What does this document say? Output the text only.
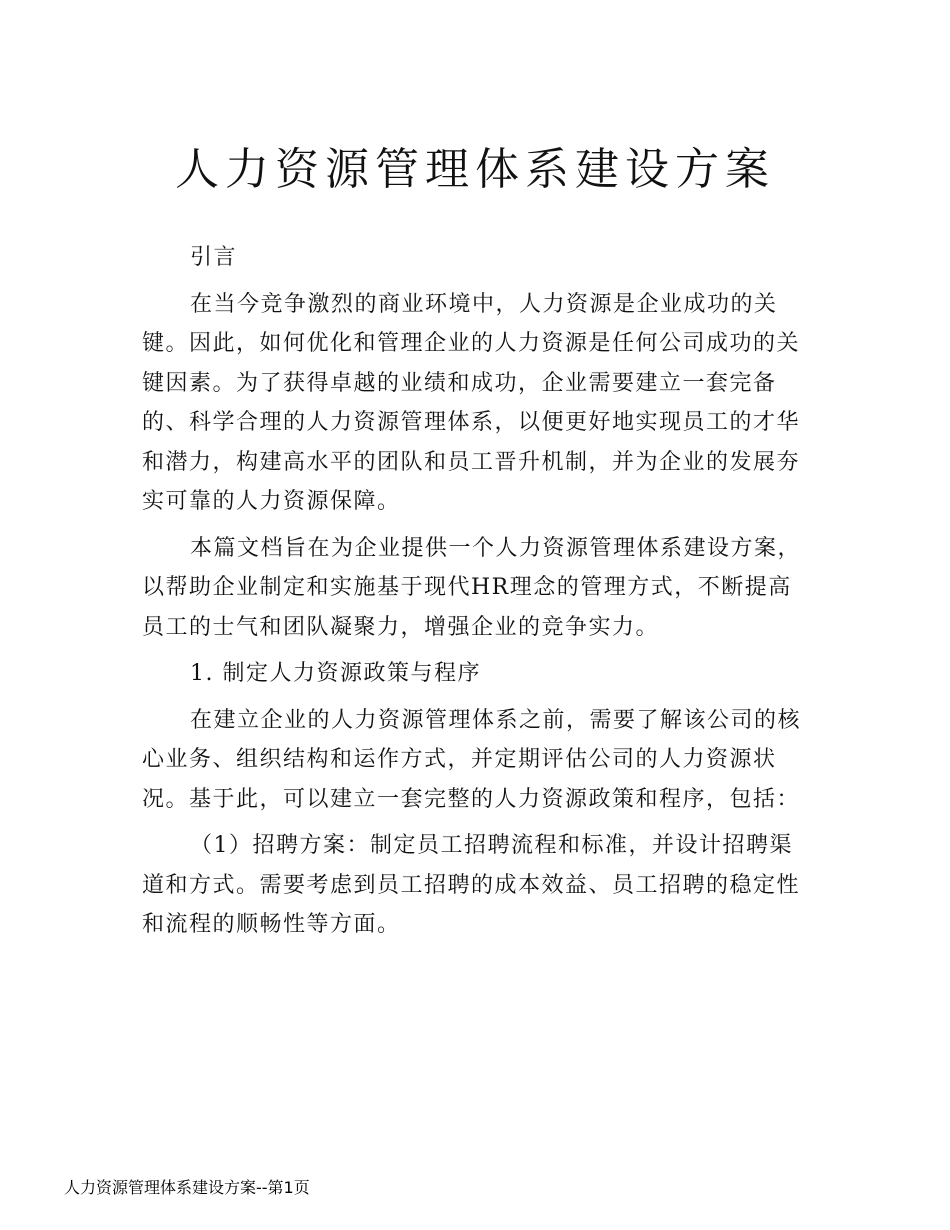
人力资源管理体系建设方案

引言

在当今竞争激烈的商业环境中，人力资源是企业成功的关键。因此，如何优化和管理企业的人力资源是任何公司成功的关键因素。为了获得卓越的业绩和成功，企业需要建立一套完备的、科学合理的人力资源管理体系，以便更好地实现员工的才华和潜力，构建高水平的团队和员工晋升机制，并为企业的发展夯实可靠的人力资源保障。

本篇文档旨在为企业提供一个人力资源管理体系建设方案，以帮助企业制定和实施基于现代HR理念的管理方式，不断提高员工的士气和团队凝聚力，增强企业的竞争实力。

1. 制定人力资源政策与程序

在建立企业的人力资源管理体系之前，需要了解该公司的核心业务、组织结构和运作方式，并定期评估公司的人力资源状况。基于此，可以建立一套完整的人力资源政策和程序，包括：

（1）招聘方案：制定员工招聘流程和标准，并设计招聘渠道和方式。需要考虑到员工招聘的成本效益、员工招聘的稳定性和流程的顺畅性等方面。

人力资源管理体系建设方案--第1页
